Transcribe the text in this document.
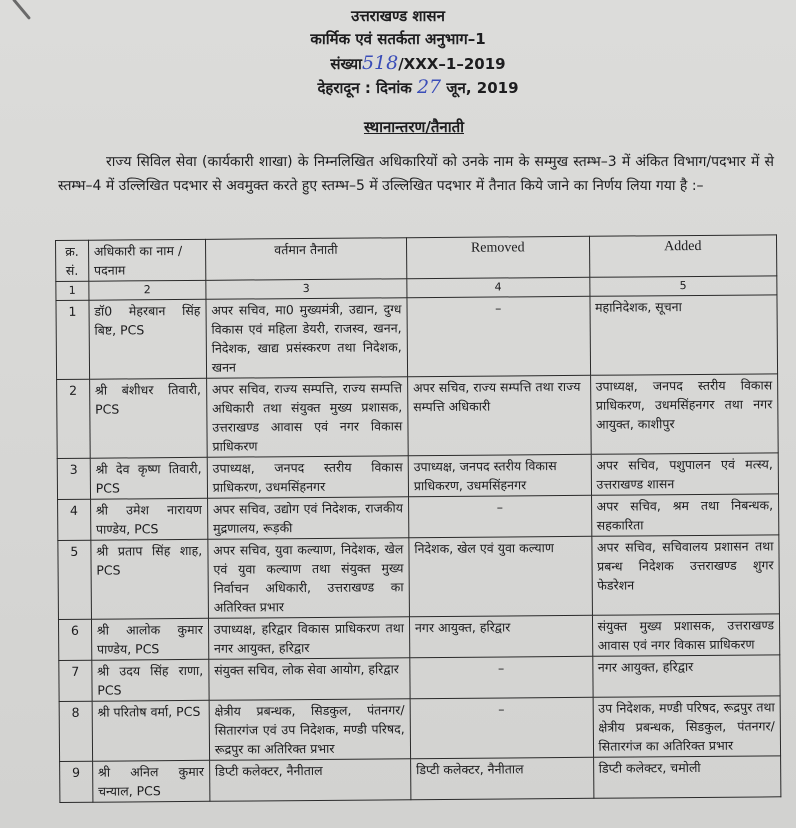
उत्तराखण्ड शासन
कार्मिक एवं सतर्कता अनुभाग–1
संख्या518/XXX–1–2019
देहरादून : दिनांक 27 जून, 2019
स्थानान्तरण/तैनाती
राज्य सिविल सेवा (कार्यकारी शाखा) के निम्नलिखित अधिकारियों को उनके नाम के सम्मुख स्तम्भ–3 में अंकित विभाग/पदभार में से स्तम्भ–4 में उल्लिखित पदभार से अवमुक्त करते हुए स्तम्भ–5 में उल्लिखित पदभार में तैनात किये जाने का निर्णय लिया गया है :–
क्र. सं.	अधिकारी का नाम /पदनाम	वर्तमान तैनाती	Removed	Added
1	2	3	4	5
1	डॉ0 मेहरबान सिंह बिष्ट, PCS	अपर सचिव, मा0 मुख्यमंत्री, उद्यान, दुग्ध विकास एवं महिला डेयरी, राजस्व, खनन, निदेशक, खाद्य प्रसंस्करण तथा निदेशक, खनन	–	महानिदेशक, सूचना
2	श्री बंशीधर तिवारी, PCS	अपर सचिव, राज्य सम्पत्ति, राज्य सम्पत्ति अधिकारी तथा संयुक्त मुख्य प्रशासक, उत्तराखण्ड आवास एवं नगर विकास प्राधिकरण	अपर सचिव, राज्य सम्पत्ति तथा राज्य सम्पत्ति अधिकारी	उपाध्यक्ष, जनपद स्तरीय विकास प्राधिकरण, उधमसिंहनगर तथा नगर आयुक्त, काशीपुर
3	श्री देव कृष्ण तिवारी, PCS	उपाध्यक्ष, जनपद स्तरीय विकास प्राधिकरण, उधमसिंहनगर	उपाध्यक्ष, जनपद स्तरीय विकास प्राधिकरण, उधमसिंहनगर	अपर सचिव, पशुपालन एवं मत्स्य, उत्तराखण्ड शासन
4	श्री उमेश नारायण पाण्डेय, PCS	अपर सचिव, उद्योग एवं निदेशक, राजकीय मुद्रणालय, रूड़की	–	अपर सचिव, श्रम तथा निबन्धक, सहकारिता
5	श्री प्रताप सिंह शाह, PCS	अपर सचिव, युवा कल्याण, निदेशक, खेल एवं युवा कल्याण तथा संयुक्त मुख्य निर्वाचन अधिकारी, उत्तराखण्ड का अतिरिक्त प्रभार	निदेशक, खेल एवं युवा कल्याण	अपर सचिव, सचिवालय प्रशासन तथा प्रबन्ध निदेशक उत्तराखण्ड शुगर फेडरेशन
6	श्री आलोक कुमार पाण्डेय, PCS	उपाध्यक्ष, हरिद्वार विकास प्राधिकरण तथा नगर आयुक्त, हरिद्वार	नगर आयुक्त, हरिद्वार	संयुक्त मुख्य प्रशासक, उत्तराखण्ड आवास एवं नगर विकास प्राधिकरण
7	श्री उदय सिंह राणा, PCS	संयुक्त सचिव, लोक सेवा आयोग, हरिद्वार	–	नगर आयुक्त, हरिद्वार
8	श्री परितोष वर्मा, PCS	क्षेत्रीय प्रबन्धक, सिडकुल, पंतनगर/सितारगंज एवं उप निदेशक, मण्डी परिषद, रूद्रपुर का अतिरिक्त प्रभार	–	उप निदेशक, मण्डी परिषद, रूद्रपुर तथा क्षेत्रीय प्रबन्धक, सिडकुल, पंतनगर/सितारगंज का अतिरिक्त प्रभार
9	श्री अनिल कुमार चन्याल, PCS	डिप्टी कलेक्टर, नैनीताल	डिप्टी कलेक्टर, नैनीताल	डिप्टी कलेक्टर, चमोली
